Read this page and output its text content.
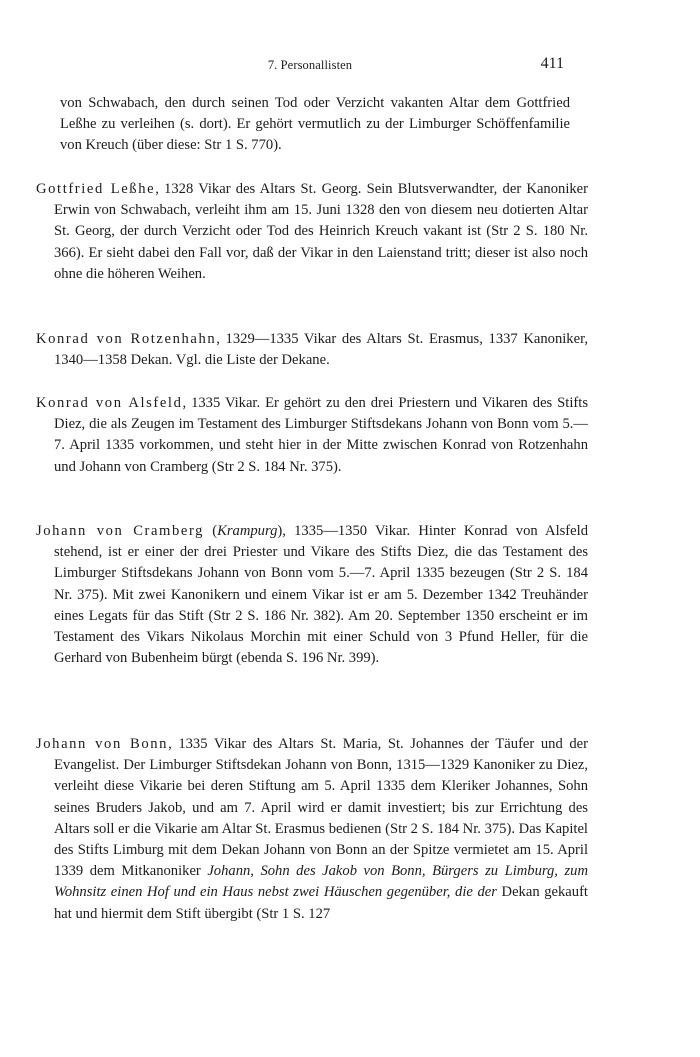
7. Personallisten	411

von Schwabach, den durch seinen Tod oder Verzicht vakanten Altar dem Gottfried Leßhe zu verleihen (s. dort). Er gehört vermutlich zu der Limburger Schöffenfamilie von Kreuch (über diese: Str 1 S. 770).

Gottfried Leßhe, 1328 Vikar des Altars St. Georg. Sein Blutsverwandter, der Kanoniker Erwin von Schwabach, verleiht ihm am 15. Juni 1328 den von diesem neu dotierten Altar St. Georg, der durch Verzicht oder Tod des Heinrich Kreuch vakant ist (Str 2 S. 180 Nr. 366). Er sieht dabei den Fall vor, daß der Vikar in den Laienstand tritt; dieser ist also noch ohne die höheren Weihen.

Konrad von Rotzenhahn, 1329—1335 Vikar des Altars St. Erasmus, 1337 Kanoniker, 1340—1358 Dekan. Vgl. die Liste der Dekane.

Konrad von Alsfeld, 1335 Vikar. Er gehört zu den drei Priestern und Vikaren des Stifts Diez, die als Zeugen im Testament des Limburger Stiftsdekans Johann von Bonn vom 5.—7. April 1335 vorkommen, und steht hier in der Mitte zwischen Konrad von Rotzenhahn und Johann von Cramberg (Str 2 S. 184 Nr. 375).

Johann von Cramberg (Krampurg), 1335—1350 Vikar. Hinter Konrad von Alsfeld stehend, ist er einer der drei Priester und Vikare des Stifts Diez, die das Testament des Limburger Stiftsdekans Johann von Bonn vom 5.—7. April 1335 bezeugen (Str 2 S. 184 Nr. 375). Mit zwei Kanonikern und einem Vikar ist er am 5. Dezember 1342 Treuhänder eines Legats für das Stift (Str 2 S. 186 Nr. 382). Am 20. September 1350 erscheint er im Testament des Vikars Nikolaus Morchin mit einer Schuld von 3 Pfund Heller, für die Gerhard von Bubenheim bürgt (ebenda S. 196 Nr. 399).

Johann von Bonn, 1335 Vikar des Altars St. Maria, St. Johannes der Täufer und der Evangelist. Der Limburger Stiftsdekan Johann von Bonn, 1315—1329 Kanoniker zu Diez, verleiht diese Vikarie bei deren Stiftung am 5. April 1335 dem Kleriker Johannes, Sohn seines Bruders Jakob, und am 7. April wird er damit investiert; bis zur Errichtung des Altars soll er die Vikarie am Altar St. Erasmus bedienen (Str 2 S. 184 Nr. 375). Das Kapitel des Stifts Limburg mit dem Dekan Johann von Bonn an der Spitze vermietet am 15. April 1339 dem Mitkanoniker Johann, Sohn des Jakob von Bonn, Bürgers zu Limburg, zum Wohnsitz einen Hof und ein Haus nebst zwei Häuschen gegenüber, die der Dekan gekauft hat und hiermit dem Stift übergibt (Str 1 S. 127
